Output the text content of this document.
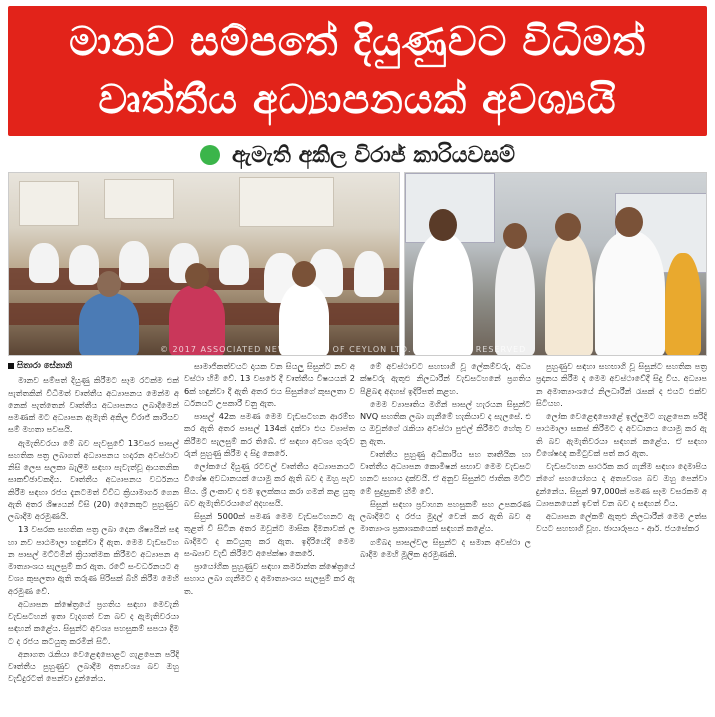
මානව සම්පතේ දියුණුවට විධිමත්
වෘත්තීය අධ්‍යාපනයක් අවශ්‍යයි
ඇමැති අකිල විරාජ් කාරියවසම්
© 2017 ASSOCIATED NEWSPAPERS OF CEYLON LTD. ALL RIGHTS RESERVED
සිතාරා සේනානි

මානව සම්පත් දියුණු කිරීමට සෑම රටක්ම එක් පැත්තකින් විධිමත් වෘත්තීය අධ්‍යාපනය මෙන්ම අනෙක් පැත්තෙන් වෘත්තීය අධ්‍යාපනය ලබාදීමෙන් පමණක් මට අධ්‍යාපන ඇමැති අකිල විරාජ් කාරියවසම් මහතා පවසයි.

ඇමැතිවරයා මේ බව පැවසුවේ 13වසර පාසල් සහතික පත්‍ර ලබාගත් අධ්‍යාපනය හදාරන අවස්ථාව නිසි ලෙස සලකා බැලීම සඳහා පැවැත්වූ ආයතනික සාකච්ඡාවකදීය. වෘත්තීය අධ්‍යාපනය වර්ධනය කිරීම සඳහා රජය දැනටමත් විවිධ ක්‍රියාමාර්ග ගෙන ඇති අතර ශිෂ්‍යයන් විසි (20) දෙනෙකුට පුහුණුව ලබාදීම අරමුණයි.

13 වසරක සහතික පත්‍ර ලබා දෙන ශිෂ්‍යයින් සඳහා නව පාඨමාලා හඳුන්වා දී ඇත. මෙම වැඩසටහන පාසල් මට්ටමින් ක්‍රියාත්මක කිරීමට අධ්‍යාපන අමාත්‍යාංශය සැලසුම් කර ඇත. රටේ සංවර්ධනයට අවශ්‍ය කුසලතා ඇති තරුණ පිරිසක් බිහි කිරීම මෙහි අරමුණ වේ.

අධ්‍යාපන ක්ෂේත්‍රයේ ප්‍රගතිය සඳහා මෙවැනි වැඩසටහන් ඉතා වැදගත් වන බව ද ඇමැතිවරයා සඳහන් කළේය. සිසුන්ට අවශ්‍ය පහසුකම් සපයා දීමට ද රජය කටයුතු කරමින් සිටී.

අනාගත රැකියා වෙළෙඳපොළට ගැළපෙන පරිදි වෘත්තීය පුහුණුව ලබාදීම අත්‍යවශ්‍ය බව ඔහු වැඩිදුරටත් පෙන්වා දුන්නේය.

සාමාජිකත්වයට දායක වන සියලු සිසුන්ට නව අවස්ථා හිමි වේ. 13 වසරේ දී වෘත්තීය විෂයයන් 26ක් හඳුන්වා දී ඇති අතර එය සිසුන්ගේ කුසලතා වර්ධනයට උපකාරී වනු ඇත.

පාසල් 42ක පමණ මෙම වැඩසටහන ආරම්භ කර ඇති අතර පාසල් 134ක් දක්වා එය ව්‍යාප්ත කිරීමට සැලසුම් කර තිබේ. ඒ සඳහා අවශ්‍ය ගුරුවරුන් පුහුණු කිරීම ද සිදු කෙරේ.

ලෝකයේ දියුණු රටවල් වෘත්තීය අධ්‍යාපනයට විශේෂ අවධානයක් යොමු කර ඇති බව ද ඔහු පැවසීය. ශ්‍රී ලංකාව ද එම ඉලක්කය කරා ගමන් කළ යුතු බව ඇමැතිවරයාගේ අදහසයි.

සිසුන් 5000ක් පමණ මෙම වැඩසටහනට ඇතුළත් වී සිටින අතර ඔවුන්ට මාසික දීමනාවක් ලබාදීමට ද කටයුතු කර ඇත. ඉදිරියේදී මෙම සංඛ්‍යාව වැඩි කිරීමට අපේක්ෂා කෙරේ.

ප්‍රායෝගික පුහුණුව සඳහා කර්මාන්ත ක්ෂේත්‍රයේ සහාය ලබා ගැනීමට ද අමාත්‍යාංශය සැලසුම් කර ඇත.

මේ අවස්ථාවට සහභාගි වූ ලේකම්වරු, අධ්‍යක්ෂවරු ඇතුළු නිලධාරීන් වැඩසටහනේ ප්‍රගතිය පිළිබඳ අදහස් ඉදිරිපත් කළහ.

මෙම ව්‍යාපෘතිය මගින් පාසල් හැරයන සිසුන්ට NVQ සහතික ලබා ගැනීමේ හැකියාව ද සැලසේ. එය ඔවුන්ගේ රැකියා අවස්ථා පුළුල් කිරීමට හේතු වනු ඇත.

වෘත්තීය පුහුණු අධිකාරිය සහ තෘතීයික හා වෘත්තීය අධ්‍යාපන කොමිෂන් සභාව මෙම වැඩසටහනට සහාය දක්වයි. ඒ අනුව සිසුන්ට ජාතික මට්ටමේ සුදුසුකම් හිමි වේ.

සිසුන් සඳහා ප්‍රවාහන පහසුකම් සහ උපකරණ ලබාදීමට ද රජය මුදල් වෙන් කර ඇති බව අමාත්‍යාංශ ප්‍රකාශකයෙක් සඳහන් කළේය.

ගම්බද පාසල්වල සිසුන්ට ද සමාන අවස්ථා ලබාදීම මෙහි මූලික අරමුණකි.

පුහුණුව සඳහා සහභාගි වූ සිසුන්ට සහතික පත්‍ර ප්‍රදානය කිරීම ද මෙම අවස්ථාවේදී සිදු විය. අධ්‍යාපන අමාත්‍යාංශයේ නිලධාරීන් රැසක් ද එයට එක්ව සිටියහ.

ලෝක වෙළෙඳපොළේ ඉල්ලුමට ගැළපෙන පරිදි පාඨමාලා සකස් කිරීමට ද අවධානය යොමු කර ඇති බව ඇමැතිවරයා සඳහන් කළේය. ඒ සඳහා විශේෂඥ කමිටුවක් පත් කර ඇත.

වැඩසටහන සාර්ථක කර ගැනීම සඳහා දෙමාපියන්ගේ සහයෝගය ද අත්‍යවශ්‍ය බව ඔහු පෙන්වා දුන්නේය. සිසුන් 97,000ක් පමණ සෑම වසරකම අධ්‍යාපනයෙන් ඉවත් වන බව ද සඳහන් විය.

අධ්‍යාපන ලේකම් ඇතුළු නිලධාරීන් මෙම උත්සවයට සහභාගි වූහ. ඡායාරූපය - ආර්. ජයසේකර
